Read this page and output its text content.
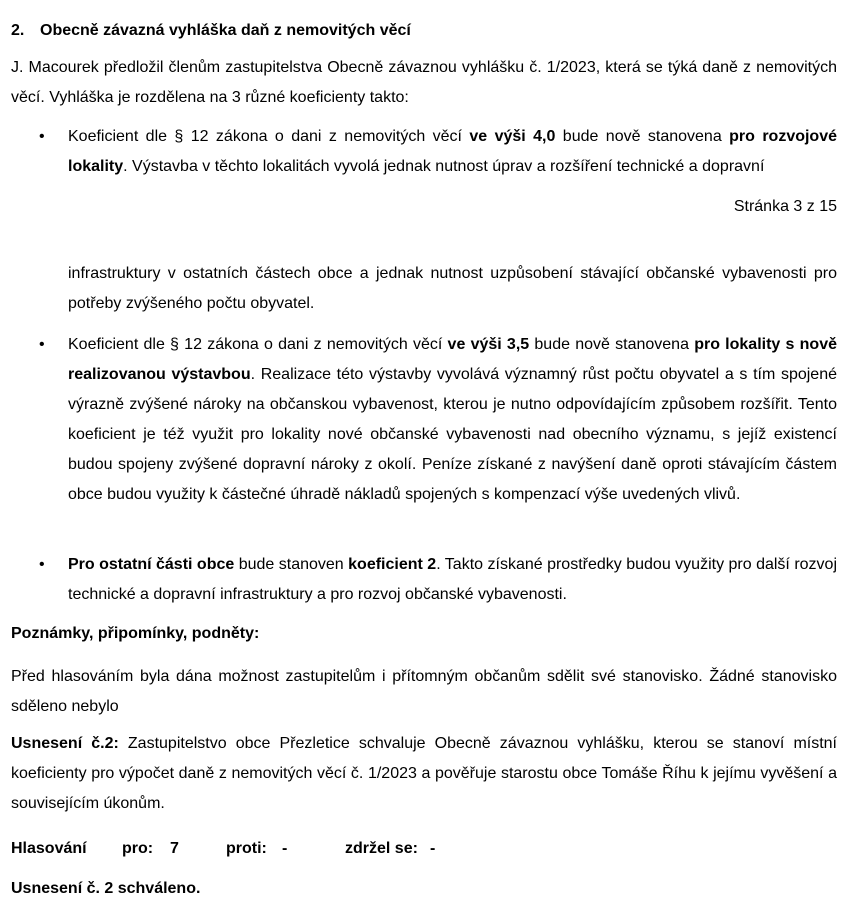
2. Obecně závazná vyhláška daň z nemovitých věcí
J. Macourek předložil členům zastupitelstva Obecně závaznou vyhlášku č. 1/2023, která se týká daně z nemovitých věcí. Vyhláška je rozdělena na 3 různé koeficienty takto:
• Koeficient dle § 12 zákona o dani z nemovitých věcí ve výši 4,0 bude nově stanovena pro rozvojové lokality. Výstavba v těchto lokalitách vyvolá jednak nutnost úprav a rozšíření technické a dopravní
Stránka 3 z 15
infrastruktury v ostatních částech obce a jednak nutnost uzpůsobení stávající občanské vybavenosti pro potřeby zvýšeného počtu obyvatel.
• Koeficient dle § 12 zákona o dani z nemovitých věcí ve výši 3,5 bude nově stanovena pro lokality s nově realizovanou výstavbou. Realizace této výstavby vyvolává významný růst počtu obyvatel a s tím spojené výrazně zvýšené nároky na občanskou vybavenost, kterou je nutno odpovídajícím způsobem rozšířit. Tento koeficient je též využit pro lokality nové občanské vybavenosti nad obecního významu, s jejíž existencí budou spojeny zvýšené dopravní nároky z okolí. Peníze získané z navýšení daně oproti stávajícím částem obce budou využity k částečné úhradě nákladů spojených s kompenzací výše uvedených vlivů.
• Pro ostatní části obce bude stanoven koeficient 2. Takto získané prostředky budou využity pro další rozvoj technické a dopravní infrastruktury a pro rozvoj občanské vybavenosti.
Poznámky, připomínky, podněty:
Před hlasováním byla dána možnost zastupitelům i přítomným občanům sdělit své stanovisko. Žádné stanovisko sděleno nebylo
Usnesení č.2: Zastupitelstvo obce Přezletice schvaluje Obecně závaznou vyhlášku, kterou se stanoví místní koeficienty pro výpočet daně z nemovitých věcí č. 1/2023 a pověřuje starostu obce Tomáše Říhu k jejímu vyvěšení a souvisejícím úkonům.
Hlasování pro: 7	proti: -	zdržel se: -
Usnesení č. 2 schváleno.
